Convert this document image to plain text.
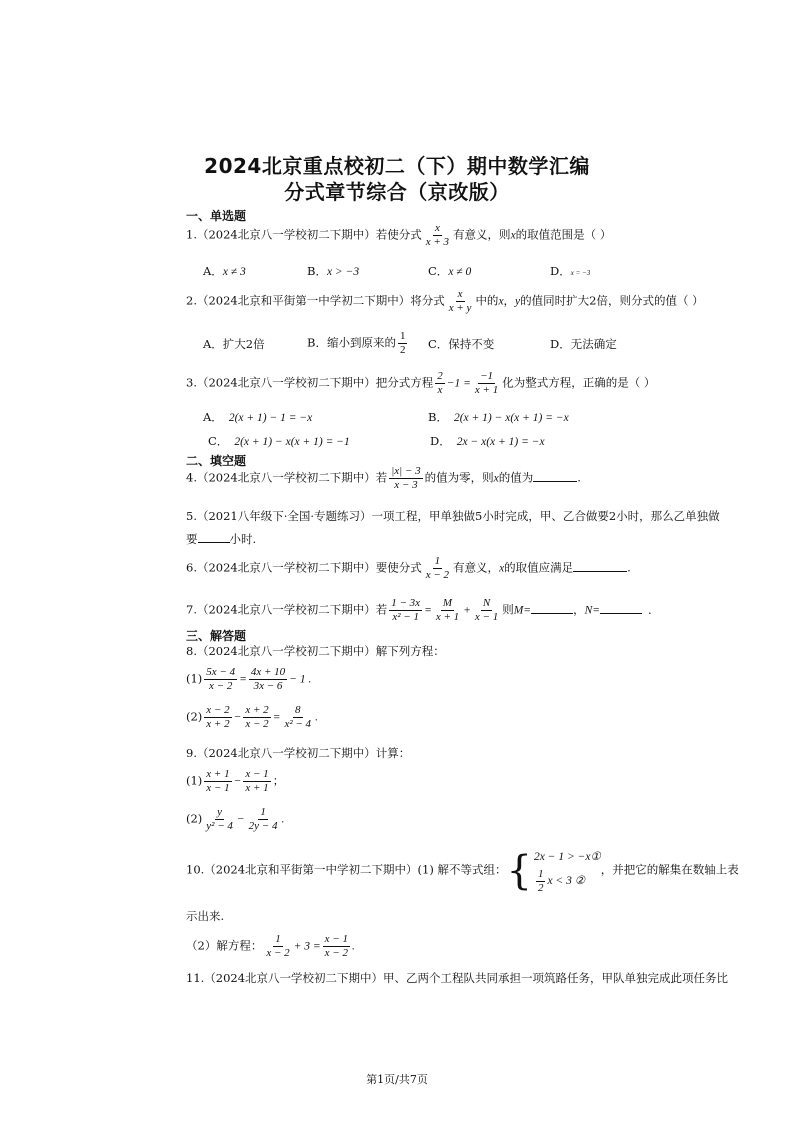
2024北京重点校初二（下）期中数学汇编
分式章节综合（京改版）
一、单选题
1.（2024北京八一学校初二下期中）若使分式 $\frac{x}{x + 3}$ 有意义，则x的取值范围是（ ）
A．x ≠ 3	B．x > −3	C．x ≠ 0	D．x = −3
2.（2024北京和平街第一中学初二下期中）将分式 $\frac{x}{x + y}$ 中的x，y的值同时扩大2倍，则分式的值（ ）
A．扩大2倍	B．缩小到原来的 $\frac{1}{2}$ C．保持不变	D．无法确定
3.（2024北京八一学校初二下期中）把分式方程 $\frac{2}{x} -1 = \frac{-1}{x + 1}$ 化为整式方程，正确的是（ ）
A． 2(x + 1) − 1 = −x	B． 2(x + 1) − x(x + 1) = −x
C． 2(x + 1) − x(x + 1) = −1	D． 2x − x(x + 1) = −x
二、填空题
4.（2024北京八一学校初二下期中）若 $\frac{|x| - 3}{x - 3}$ 的值为零，则x的值为	.
5.（2021八年级下·全国·专题练习）一项工程，甲单独做5小时完成，甲、乙合做要2小时，那么乙单独做
要	小时.
6.（2024北京八一学校初二下期中）要使分式 $\frac{1}{x - 2}$ 有意义，x的取值应满足	.
7.（2024北京八一学校初二下期中）若 $\frac{1 - 3x}{\text{x² − 1}} = \frac{M}{x + 1} + \frac{N}{x - 1}$ 则M=	，N=	.
三、解答题
8.（2024北京八一学校初二下期中）解下列方程：
$(1) \frac{5x - 4}{x - 2} = \frac{4x + 10}{3x - 6} - 1$ .
$(2) \frac{x - 2}{x + 2} - \frac{x + 2}{x - 2} = \frac{8}{\text{x² − 4}}$ .
9.（2024北京八一学校初二下期中）计算：
$(1) \frac{x + 1}{x - 1} - \frac{x - 1}{x + 1}$ ；
$(2) \frac{y}{\text{y² − 4}} - \frac{1}{2y - 4}$ .
10.（2024北京和平街第一中学初二下期中）(1) 解不等式组： { 2x − 1 > −x①
$\frac{1}{2}$ x < 3 ②
，并把它的解集在数轴上表
示出来.
（2）解方程： $\frac{1}{x - 2} + 3 = \frac{x - 1}{x - 2}$ .
11.（2024北京八一学校初二下期中）甲、乙两个工程队共同承担一项筑路任务，甲队单独完成此项任务比
第1页/共7页
